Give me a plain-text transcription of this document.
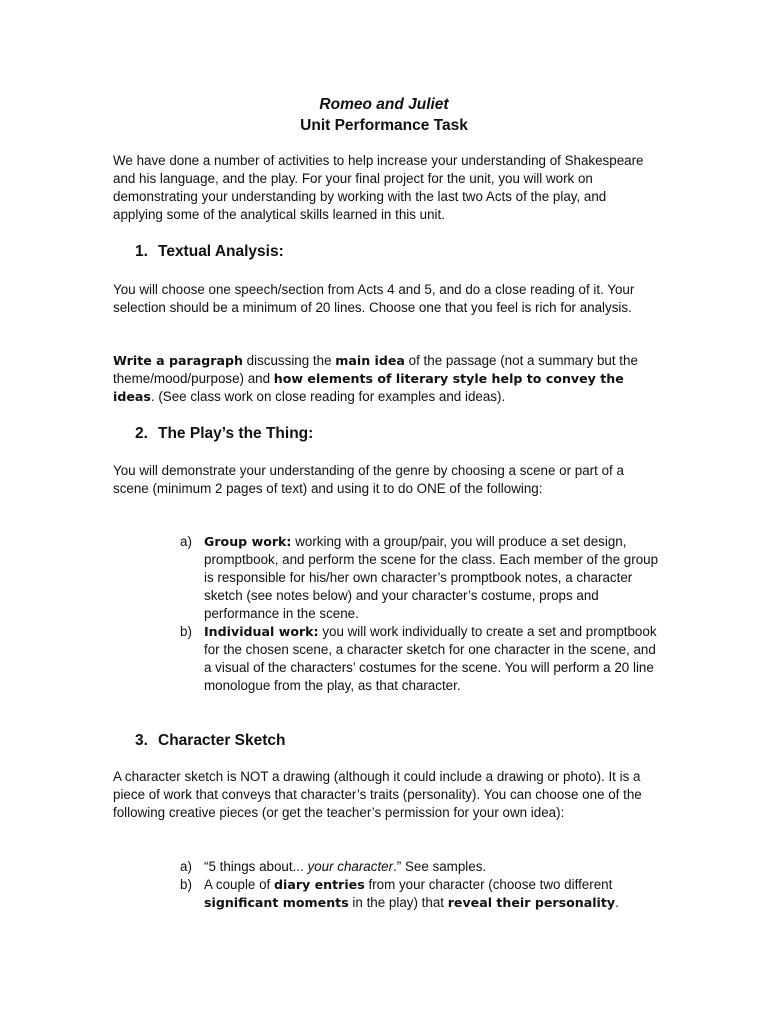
Romeo and Juliet
Unit Performance Task
We have done a number of activities to help increase your understanding of Shakespeare and his language, and the play. For your final project for the unit, you will work on demonstrating your understanding by working with the last two Acts of the play, and applying some of the analytical skills learned in this unit.
1. Textual Analysis:
You will choose one speech/section from Acts 4 and 5, and do a close reading of it. Your selection should be a minimum of 20 lines. Choose one that you feel is rich for analysis.
Write a paragraph discussing the main idea of the passage (not a summary but the theme/mood/purpose) and how elements of literary style help to convey the ideas. (See class work on close reading for examples and ideas).
2. The Play’s the Thing:
You will demonstrate your understanding of the genre by choosing a scene or part of a scene (minimum 2 pages of text) and using it to do ONE of the following:
a) Group work: working with a group/pair, you will produce a set design, promptbook, and perform the scene for the class. Each member of the group is responsible for his/her own character’s promptbook notes, a character sketch (see notes below) and your character’s costume, props and performance in the scene.
b) Individual work: you will work individually to create a set and promptbook for the chosen scene, a character sketch for one character in the scene, and a visual of the characters’ costumes for the scene. You will perform a 20 line monologue from the play, as that character.
3. Character Sketch
A character sketch is NOT a drawing (although it could include a drawing or photo). It is a piece of work that conveys that character’s traits (personality). You can choose one of the following creative pieces (or get the teacher’s permission for your own idea):
a) “5 things about... your character.” See samples.
b) A couple of diary entries from your character (choose two different significant moments in the play) that reveal their personality.
